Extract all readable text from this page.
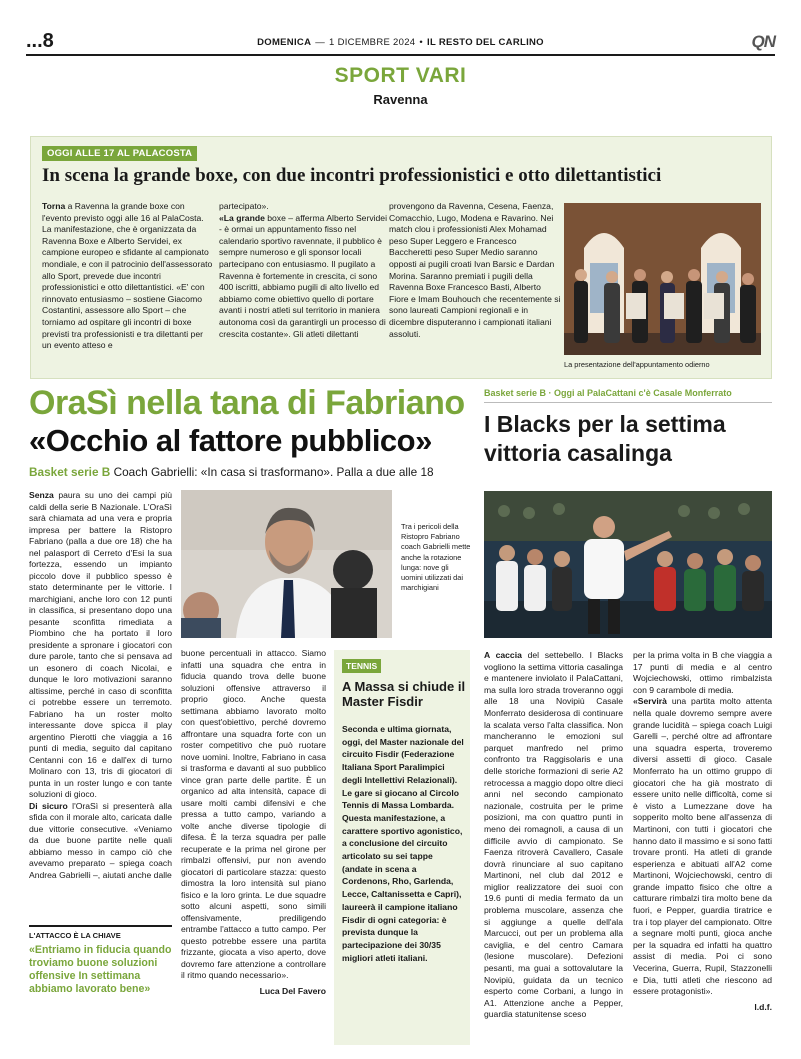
...8	DOMENICA — 1 DICEMBRE 2024 • IL RESTO DEL CARLINO	QN
SPORT VARI
Ravenna
OGGI ALLE 17 AL PALACOSTA
In scena la grande boxe, con due incontri professionistici e otto dilettantistici
Torna a Ravenna la grande boxe con l'evento previsto oggi alle 16 al PalaCosta. La manifestazione, che è organizzata da Ravenna Boxe e Alberto Servidei, ex campione europeo e sfidante al campionato mondiale, e con il patrocinio dell'assessorato allo Sport, prevede due incontri professionistici e otto dilettantistici. «E' con rinnovato entusiasmo – sostiene Giacomo Costantini, assessore allo Sport – che torniamo ad ospitare gli incontri di boxe previsti tra professionisti e tra dilettanti per un evento atteso e
partecipato».
«La grande boxe – afferma Alberto Servidei - è ormai un appuntamento fisso nel calendario sportivo ravennate, il pubblico è sempre numeroso e gli sponsor locali partecipano con entusiasmo. Il pugilato a Ravenna è fortemente in crescita, ci sono 400 iscritti, abbiamo pugili di alto livello ed abbiamo come obiettivo quello di portare avanti i nostri atleti sul territorio in maniera autonoma così da garantirgli un processo di crescita costante». Gli atleti dilettanti
provengono da Ravenna, Cesena, Faenza, Comacchio, Lugo, Modena e Ravarino. Nei match clou i professionisti Alex Mohamad peso Super Leggero e Francesco Baccheretti peso Super Medio saranno opposti ai pugili croati Ivan Barsic e Dardan Morina. Saranno premiati i pugili della Ravenna Boxe Francesco Basti, Alberto Fiore e Imam Bouhouch che recentemente si sono laureati Campioni regionali e in dicembre disputeranno i campionati italiani assoluti.
La presentazione dell'appuntamento odierno
OraSì nella tana di Fabriano
«Occhio al fattore pubblico»
Basket serie B Coach Gabrielli: «In casa si trasformano». Palla a due alle 18
Senza paura su uno dei campi più caldi della serie B Nazionale. L'OraSì sarà chiamata ad una vera e propria impresa per battere la Ristopro Fabriano (palla a due ore 18) che ha nel palasport di Cerreto d'Esi la sua fortezza, essendo un impianto piccolo dove il pubblico spesso è stato determinante per le vittorie. I marchigiani, anche loro con 12 punti in classifica, si presentano dopo una pesante sconfitta rimediata a Piombino che ha portato il loro presidente a spronare i giocatori con dure parole, tanto che si pensava ad un esonero di coach Nicolai, e dunque le loro motivazioni saranno altissime, perché in caso di sconfitta ci potrebbe essere un terremoto. Fabriano ha un roster molto interessante dove spicca il play argentino Pierotti che viaggia a 16 punti di media, seguito dal capitano Centanni con 16 e dall'ex di turno Molinaro con 13, tris di giocatori di punta in un roster lungo e con tante soluzioni di gioco.
Di sicuro l'OraSì si presenterà alla sfida con il morale alto, caricata dalle due vittorie consecutive. «Veniamo da due buone partite nelle quali abbiamo messo in campo ciò che avevamo preparato – spiega coach Andrea Gabrielli –, aiutati anche dalle
L'ATTACCO È LA CHIAVE
«Entriamo in fiducia quando troviamo buone soluzioni offensive In settimana abbiamo lavorato bene»
Tra i pericoli della Ristopro Fabriano coach Gabrielli mette anche la rotazione lunga: nove gli uomini utilizzati dai marchigiani
buone percentuali in attacco. Siamo infatti una squadra che entra in fiducia quando trova delle buone soluzioni offensive attraverso il proprio gioco. Anche questa settimana abbiamo lavorato molto con quest'obiettivo, perché dovremo affrontare una squadra forte con un roster competitivo che può ruotare nove uomini. Inoltre, Fabriano in casa si trasforma e davanti al suo pubblico vince gran parte delle partite. È un organico ad alta intensità, capace di usare molti cambi difensivi e che pressa a tutto campo, variando a volte anche diverse tipologie di difesa. È la terza squadra per palle recuperate e la prima nel girone per rimbalzi offensivi, pur non avendo giocatori di particolare stazza: questo dimostra la loro intensità sul piano fisico e la loro grinta. Le due squadre sotto alcuni aspetti, sono simili offensivamente, prediligendo entrambe l'attacco a tutto campo. Per questo potrebbe essere una partita frizzante, giocata a viso aperto, dove dovremo fare attenzione a controllare il ritmo quando necessario».
Luca Del Favero
TENNIS
A Massa si chiude il Master Fisdir
Seconda e ultima giornata, oggi, del Master nazionale del circuito Fisdir (Federazione Italiana Sport Paralimpici degli Intellettivi Relazionali). Le gare si giocano al Circolo Tennis di Massa Lombarda. Questa manifestazione, a carattere sportivo agonistico, a conclusione del circuito articolato su sei tappe (andate in scena a Cordenons, Rho, Garlenda, Lecce, Caltanissetta e Capri), laureerà il campione italiano Fisdir di ogni categoria: è prevista dunque la partecipazione dei 30/35 migliori atleti italiani.
Basket serie B · Oggi al PalaCattani c'è Casale Monferrato
I Blacks per la settima vittoria casalinga
A caccia del settebello. I Blacks vogliono la settima vittoria casalinga e mantenere inviolato il PalaCattani, ma sulla loro strada troveranno oggi alle 18 una Novipiù Casale Monferrato desiderosa di continuare la scalata verso l'alta classifica. Non mancheranno le emozioni sul parquet manfredo nel primo confronto tra Raggisolaris e una delle storiche formazioni di serie A2 retrocessa a maggio dopo oltre dieci anni nel secondo campionato nazionale, costruita per le prime posizioni, ma con quattro punti in meno dei romagnoli, a causa di un difficile avvio di campionato. Se Faenza ritroverà Cavallero, Casale dovrà rinunciare al suo capitano Martinoni, nel club dal 2012 e miglior realizzatore dei suoi con 19.6 punti di media fermato da un problema muscolare, assenza che si aggiunge a quelle dell'ala Marcucci, out per un problema alla caviglia, e del centro Camara (lesione muscolare). Defezioni pesanti, ma guai a sottovalutare la Novipiù, guidata da un tecnico esperto come Corbani, a lungo in A1. Attenzione anche a Pepper, guardia statunitense sceso
per la prima volta in B che viaggia a 17 punti di media e al centro Wojciechowski, ottimo rimbalzista con 9 carambole di media.
«Servirà una partita molto attenta nella quale dovremo sempre avere grande lucidità – spiega coach Luigi Garelli –, perché oltre ad affrontare una squadra esperta, troveremo diversi assetti di gioco. Casale Monferrato ha un ottimo gruppo di giocatori che ha già mostrato di essere unito nelle difficoltà, come si è visto a Lumezzane dove ha sopperito molto bene all'assenza di Martinoni, con tutti i giocatori che hanno dato il massimo e si sono fatti trovare pronti. Ha atleti di grande esperienza e abituati all'A2 come Martinoni, Wojciechowski, centro di grande impatto fisico che oltre a catturare rimbalzi tira molto bene da fuori, e Pepper, guardia tiratrice e tra i top player del campionato. Oltre a segnare molti punti, gioca anche per la squadra ed infatti ha quattro assist di media. Poi ci sono Vecerina, Guerra, Rupil, Stazzonelli e Dia, tutti atleti che riescono ad essere protagonisti».
l.d.f.
